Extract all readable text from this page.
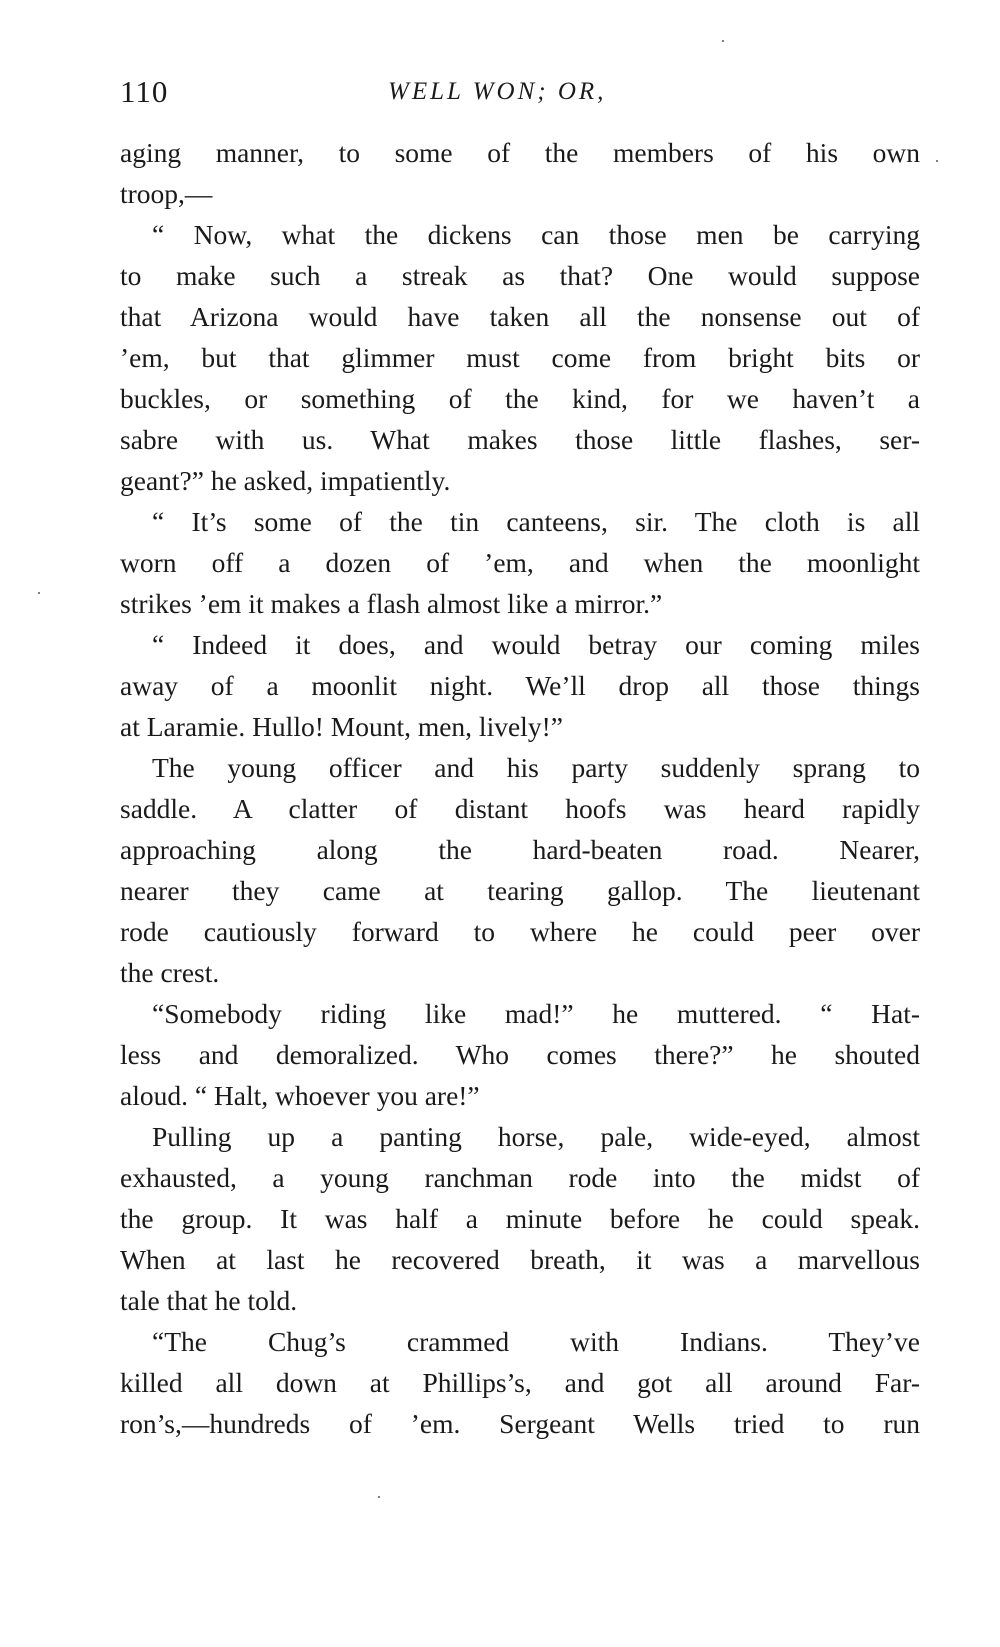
110	WELL WON; OR,
aging manner, to some of the members of his own
troop,—
“ Now, what the dickens can those men be carrying
to make such a streak as that? One would suppose
that Arizona would have taken all the nonsense out of
’em, but that glimmer must come from bright bits or
buckles, or something of the kind, for we haven’t a
sabre with us. What makes those little flashes, ser-
geant?” he asked, impatiently.
“ It’s some of the tin canteens, sir. The cloth is all
worn off a dozen of ’em, and when the moonlight
strikes ’em it makes a flash almost like a mirror.”
“ Indeed it does, and would betray our coming miles
away of a moonlit night. We’ll drop all those things
at Laramie. Hullo! Mount, men, lively!”
The young officer and his party suddenly sprang to
saddle. A clatter of distant hoofs was heard rapidly
approaching along the hard-beaten road. Nearer,
nearer they came at tearing gallop. The lieutenant
rode cautiously forward to where he could peer over
the crest.
“Somebody riding like mad!” he muttered. “ Hat-
less and demoralized. Who comes there?” he shouted
aloud. “ Halt, whoever you are!”
Pulling up a panting horse, pale, wide-eyed, almost
exhausted, a young ranchman rode into the midst of
the group. It was half a minute before he could speak.
When at last he recovered breath, it was a marvellous
tale that he told.
“The Chug’s crammed with Indians. They’ve
killed all down at Phillips’s, and got all around Far-
ron’s,—hundreds of ’em. Sergeant Wells tried to run
